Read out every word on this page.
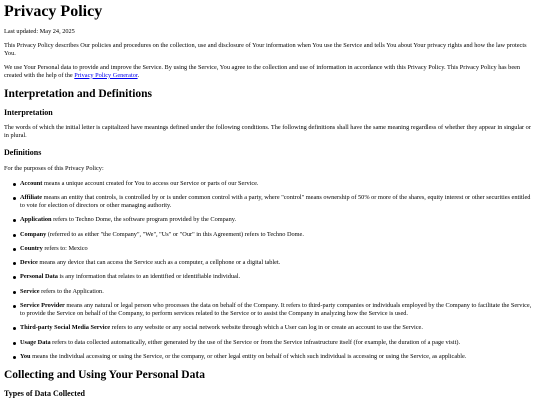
Privacy Policy

Last updated: May 24, 2025

This Privacy Policy describes Our policies and procedures on the collection, use and disclosure of Your information when You use the Service and tells You about Your privacy rights and how the law protects You.

We use Your Personal data to provide and improve the Service. By using the Service, You agree to the collection and use of information in accordance with this Privacy Policy. This Privacy Policy has been created with the help of the Privacy Policy Generator.

Interpretation and Definitions
Interpretation

The words of which the initial letter is capitalized have meanings defined under the following conditions. The following definitions shall have the same meaning regardless of whether they appear in singular or in plural.

Definitions

For the purposes of this Privacy Policy:

Account means a unique account created for You to access our Service or parts of our Service.
Affiliate means an entity that controls, is controlled by or is under common control with a party, where "control" means ownership of 50% or more of the shares, equity interest or other securities entitled to vote for election of directors or other managing authority.
Application refers to Techno Dome, the software program provided by the Company.
Company (referred to as either "the Company", "We", "Us" or "Our" in this Agreement) refers to Techno Dome.
Country refers to: Mexico
Device means any device that can access the Service such as a computer, a cellphone or a digital tablet.
Personal Data is any information that relates to an identified or identifiable individual.
Service refers to the Application.
Service Provider means any natural or legal person who processes the data on behalf of the Company. It refers to third-party companies or individuals employed by the Company to facilitate the Service, to provide the Service on behalf of the Company, to perform services related to the Service or to assist the Company in analyzing how the Service is used.
Third-party Social Media Service refers to any website or any social network website through which a User can log in or create an account to use the Service.
Usage Data refers to data collected automatically, either generated by the use of the Service or from the Service infrastructure itself (for example, the duration of a page visit).
You means the individual accessing or using the Service, or the company, or other legal entity on behalf of which such individual is accessing or using the Service, as applicable.
Collecting and Using Your Personal Data
Types of Data Collected
